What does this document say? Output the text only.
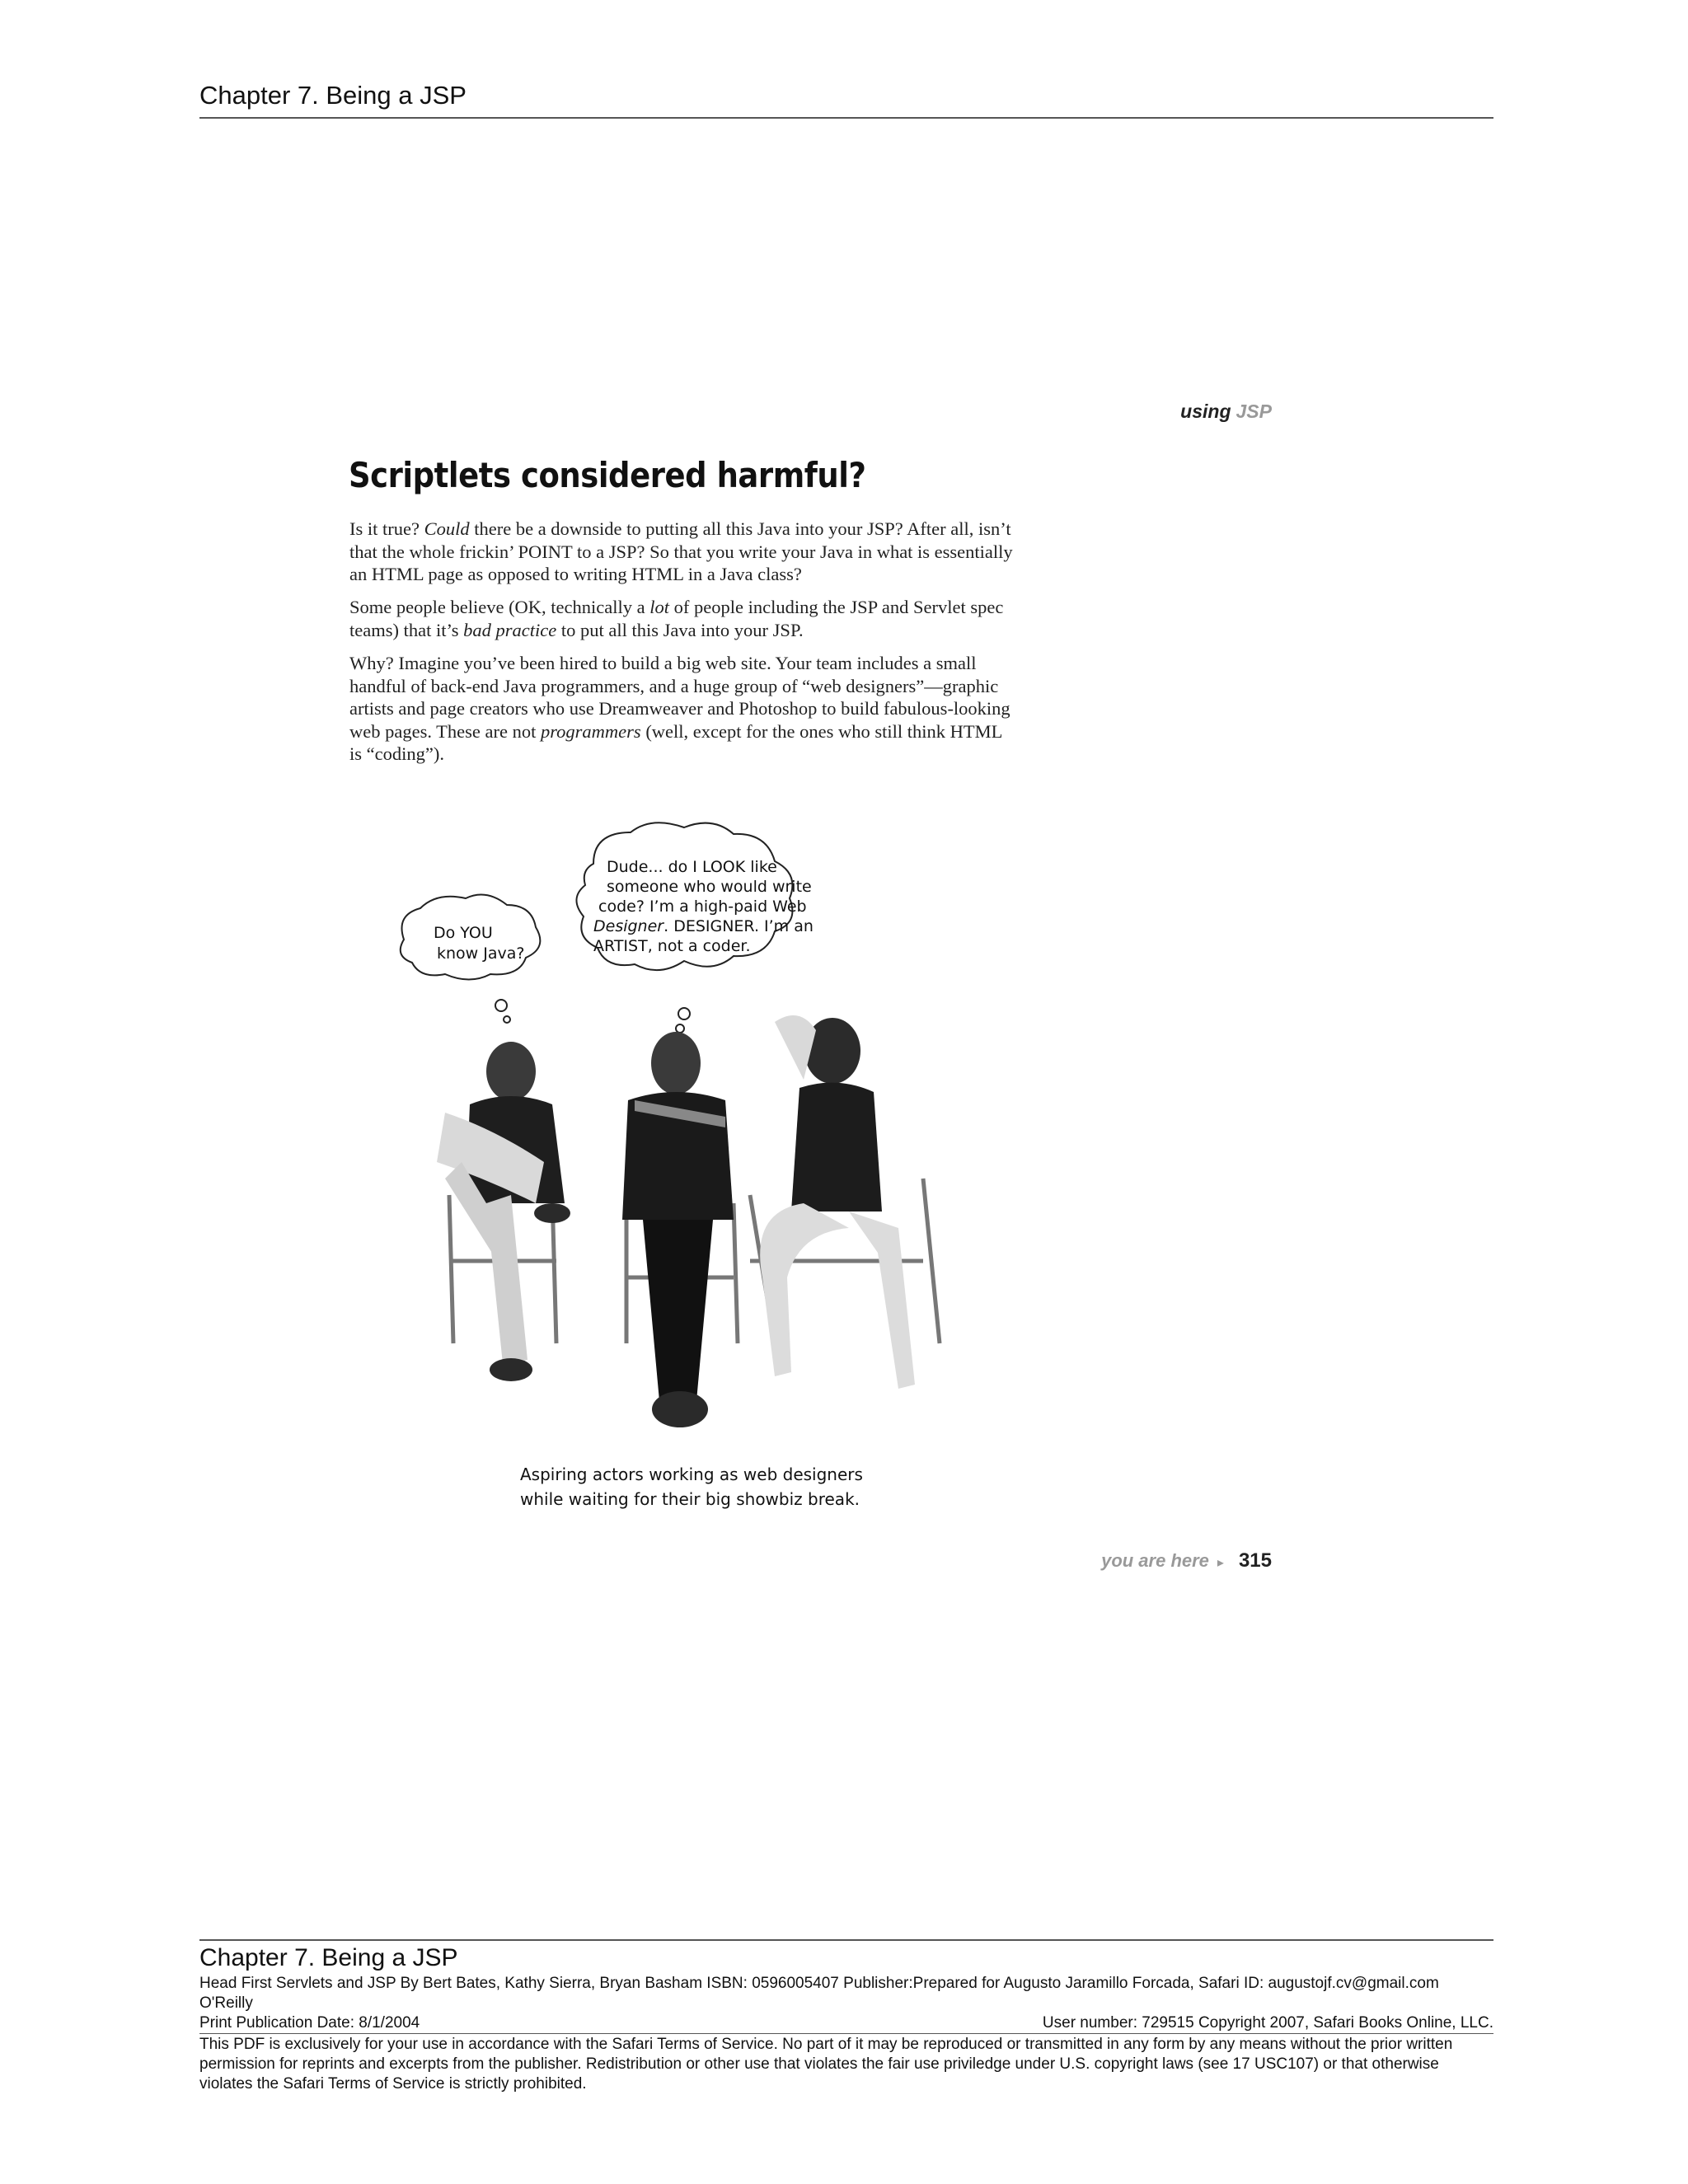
Chapter 7. Being a JSP
using JSP
Scriptlets considered harmful?
Is it true? Could there be a downside to putting all this Java into your JSP? After all, isn’t that the whole frickin’ POINT to a JSP? So that you write your Java in what is essentially an HTML page as opposed to writing HTML in a Java class?
Some people believe (OK, technically a lot of people including the JSP and Servlet spec teams) that it’s bad practice to put all this Java into your JSP.
Why? Imagine you’ve been hired to build a big web site. Your team includes a small handful of back-end Java programmers, and a huge group of “web designers”—graphic artists and page creators who use Dreamweaver and Photoshop to build fabulous-looking web pages. These are not programmers (well, except for the ones who still think HTML is “coding”).
Do YOU
know Java?
Dude... do I LOOK like
someone who would write
code? I’m a high-paid Web
Designer. DESIGNER. I’m an
ARTIST, not a coder.
Aspiring actors working as web designers
while waiting for their big showbiz break.
you are here ▸ 315
Chapter 7. Being a JSP
Head First Servlets and JSP By Bert Bates, Kathy Sierra, Bryan Basham ISBN: 0596005407 Publisher:Prepared for Augusto Jaramillo Forcada, Safari ID: augustojf.cv@gmail.com
O'Reilly
Print Publication Date: 8/1/2004	User number: 729515 Copyright 2007, Safari Books Online, LLC.
This PDF is exclusively for your use in accordance with the Safari Terms of Service. No part of it may be reproduced or transmitted in any form by any means without the prior written permission for reprints and excerpts from the publisher. Redistribution or other use that violates the fair use priviledge under U.S. copyright laws (see 17 USC107) or that otherwise violates the Safari Terms of Service is strictly prohibited.
